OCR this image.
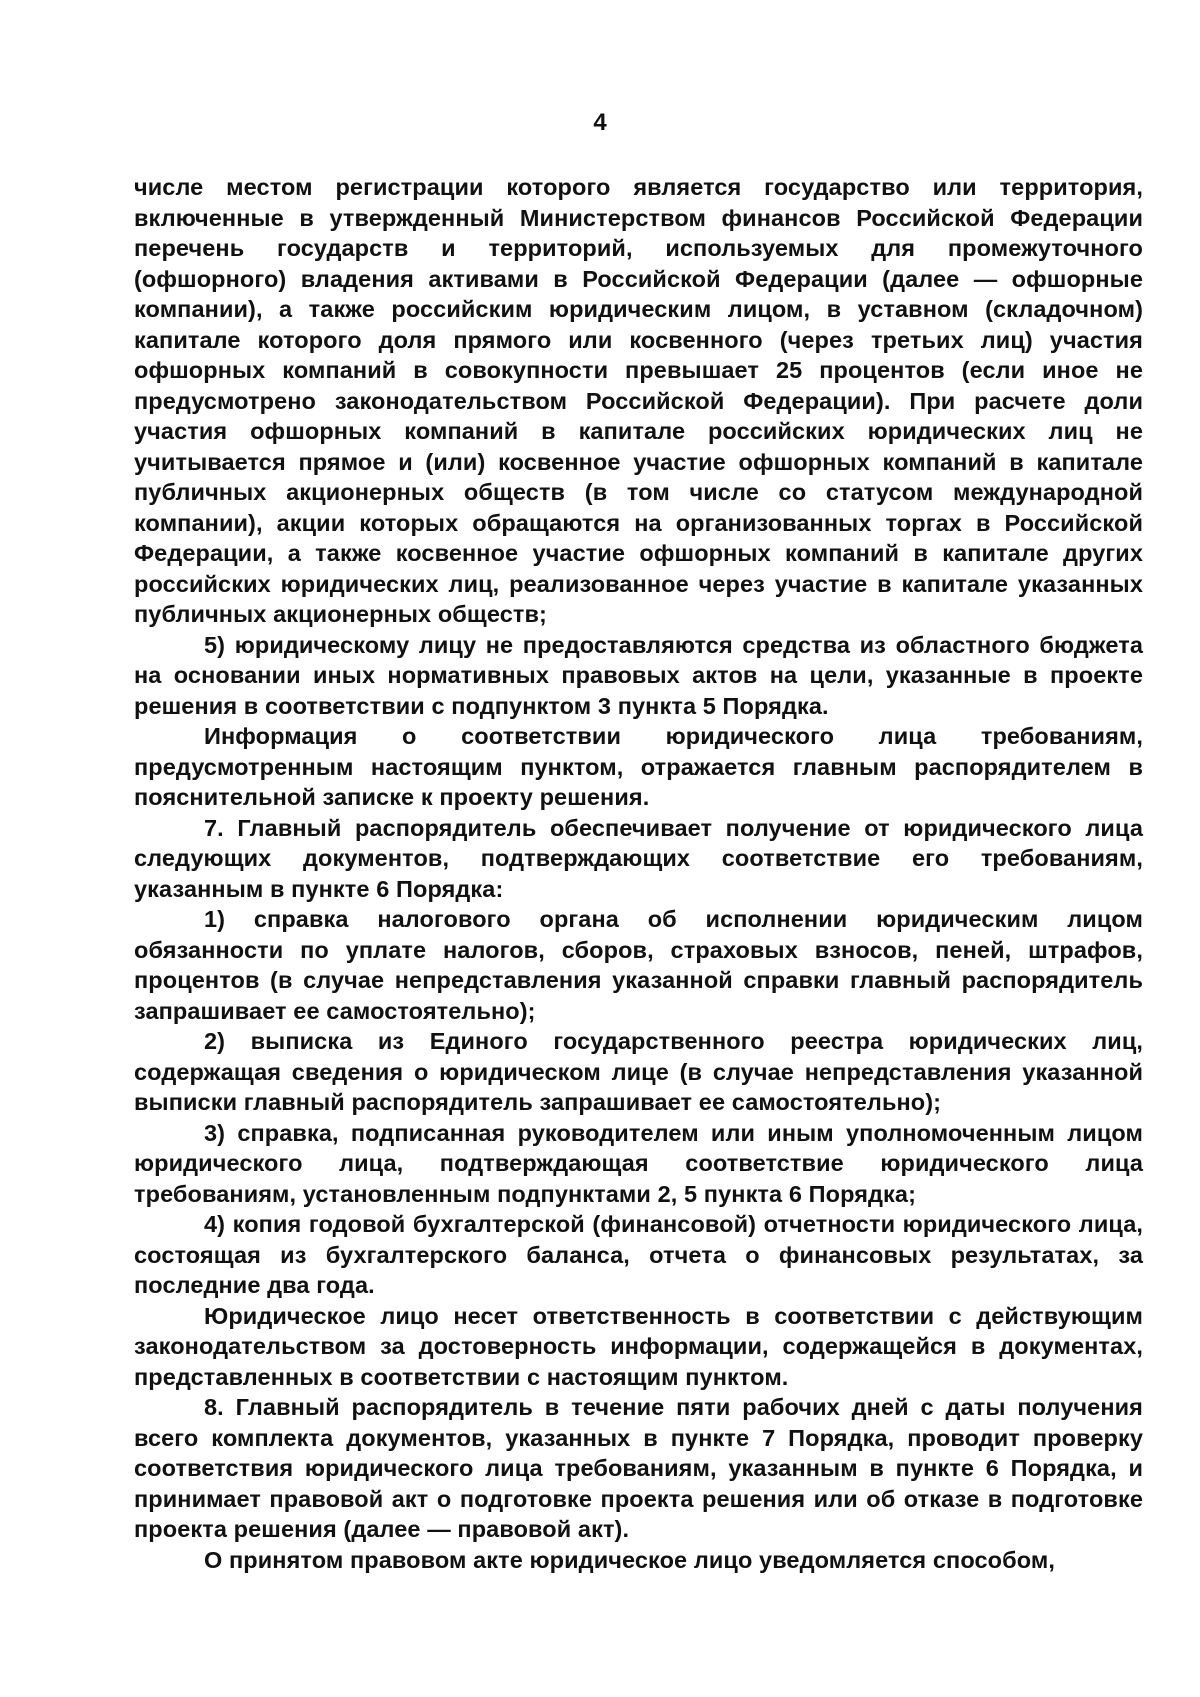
4

числе местом регистрации которого является государство или территория, включенные в утвержденный Министерством финансов Российской Федерации перечень государств и территорий, используемых для промежуточного (офшорного) владения активами в Российской Федерации (далее — офшорные компании), а также российским юридическим лицом, в уставном (складочном) капитале которого доля прямого или косвенного (через третьих лиц) участия офшорных компаний в совокупности превышает 25 процентов (если иное не предусмотрено законодательством Российской Федерации). При расчете доли участия офшорных компаний в капитале российских юридических лиц не учитывается прямое и (или) косвенное участие офшорных компаний в капитале публичных акционерных обществ (в том числе со статусом международной компании), акции которых обращаются на организованных торгах в Российской Федерации, а также косвенное участие офшорных компаний в капитале других российских юридических лиц, реализованное через участие в капитале указанных публичных акционерных обществ;

5) юридическому лицу не предоставляются средства из областного бюджета на основании иных нормативных правовых актов на цели, указанные в проекте решения в соответствии с подпунктом 3 пункта 5 Порядка.

Информация о соответствии юридического лица требованиям, предусмотренным настоящим пунктом, отражается главным распорядителем в пояснительной записке к проекту решения.

7. Главный распорядитель обеспечивает получение от юридического лица следующих документов, подтверждающих соответствие его требованиям, указанным в пункте 6 Порядка:

1) справка налогового органа об исполнении юридическим лицом обязанности по уплате налогов, сборов, страховых взносов, пеней, штрафов, процентов (в случае непредставления указанной справки главный распорядитель запрашивает ее самостоятельно);

2) выписка из Единого государственного реестра юридических лиц, содержащая сведения о юридическом лице (в случае непредставления указанной выписки главный распорядитель запрашивает ее самостоятельно);

3) справка, подписанная руководителем или иным уполномоченным лицом юридического лица, подтверждающая соответствие юридического лица требованиям, установленным подпунктами 2, 5 пункта 6 Порядка;

4) копия годовой бухгалтерской (финансовой) отчетности юридического лица, состоящая из бухгалтерского баланса, отчета о финансовых результатах, за последние два года.

Юридическое лицо несет ответственность в соответствии с действующим законодательством за достоверность информации, содержащейся в документах, представленных в соответствии с настоящим пунктом.

8. Главный распорядитель в течение пяти рабочих дней с даты получения всего комплекта документов, указанных в пункте 7 Порядка, проводит проверку соответствия юридического лица требованиям, указанным в пункте 6 Порядка, и принимает правовой акт о подготовке проекта решения или об отказе в подготовке проекта решения (далее — правовой акт).

О принятом правовом акте юридическое лицо уведомляется способом,
